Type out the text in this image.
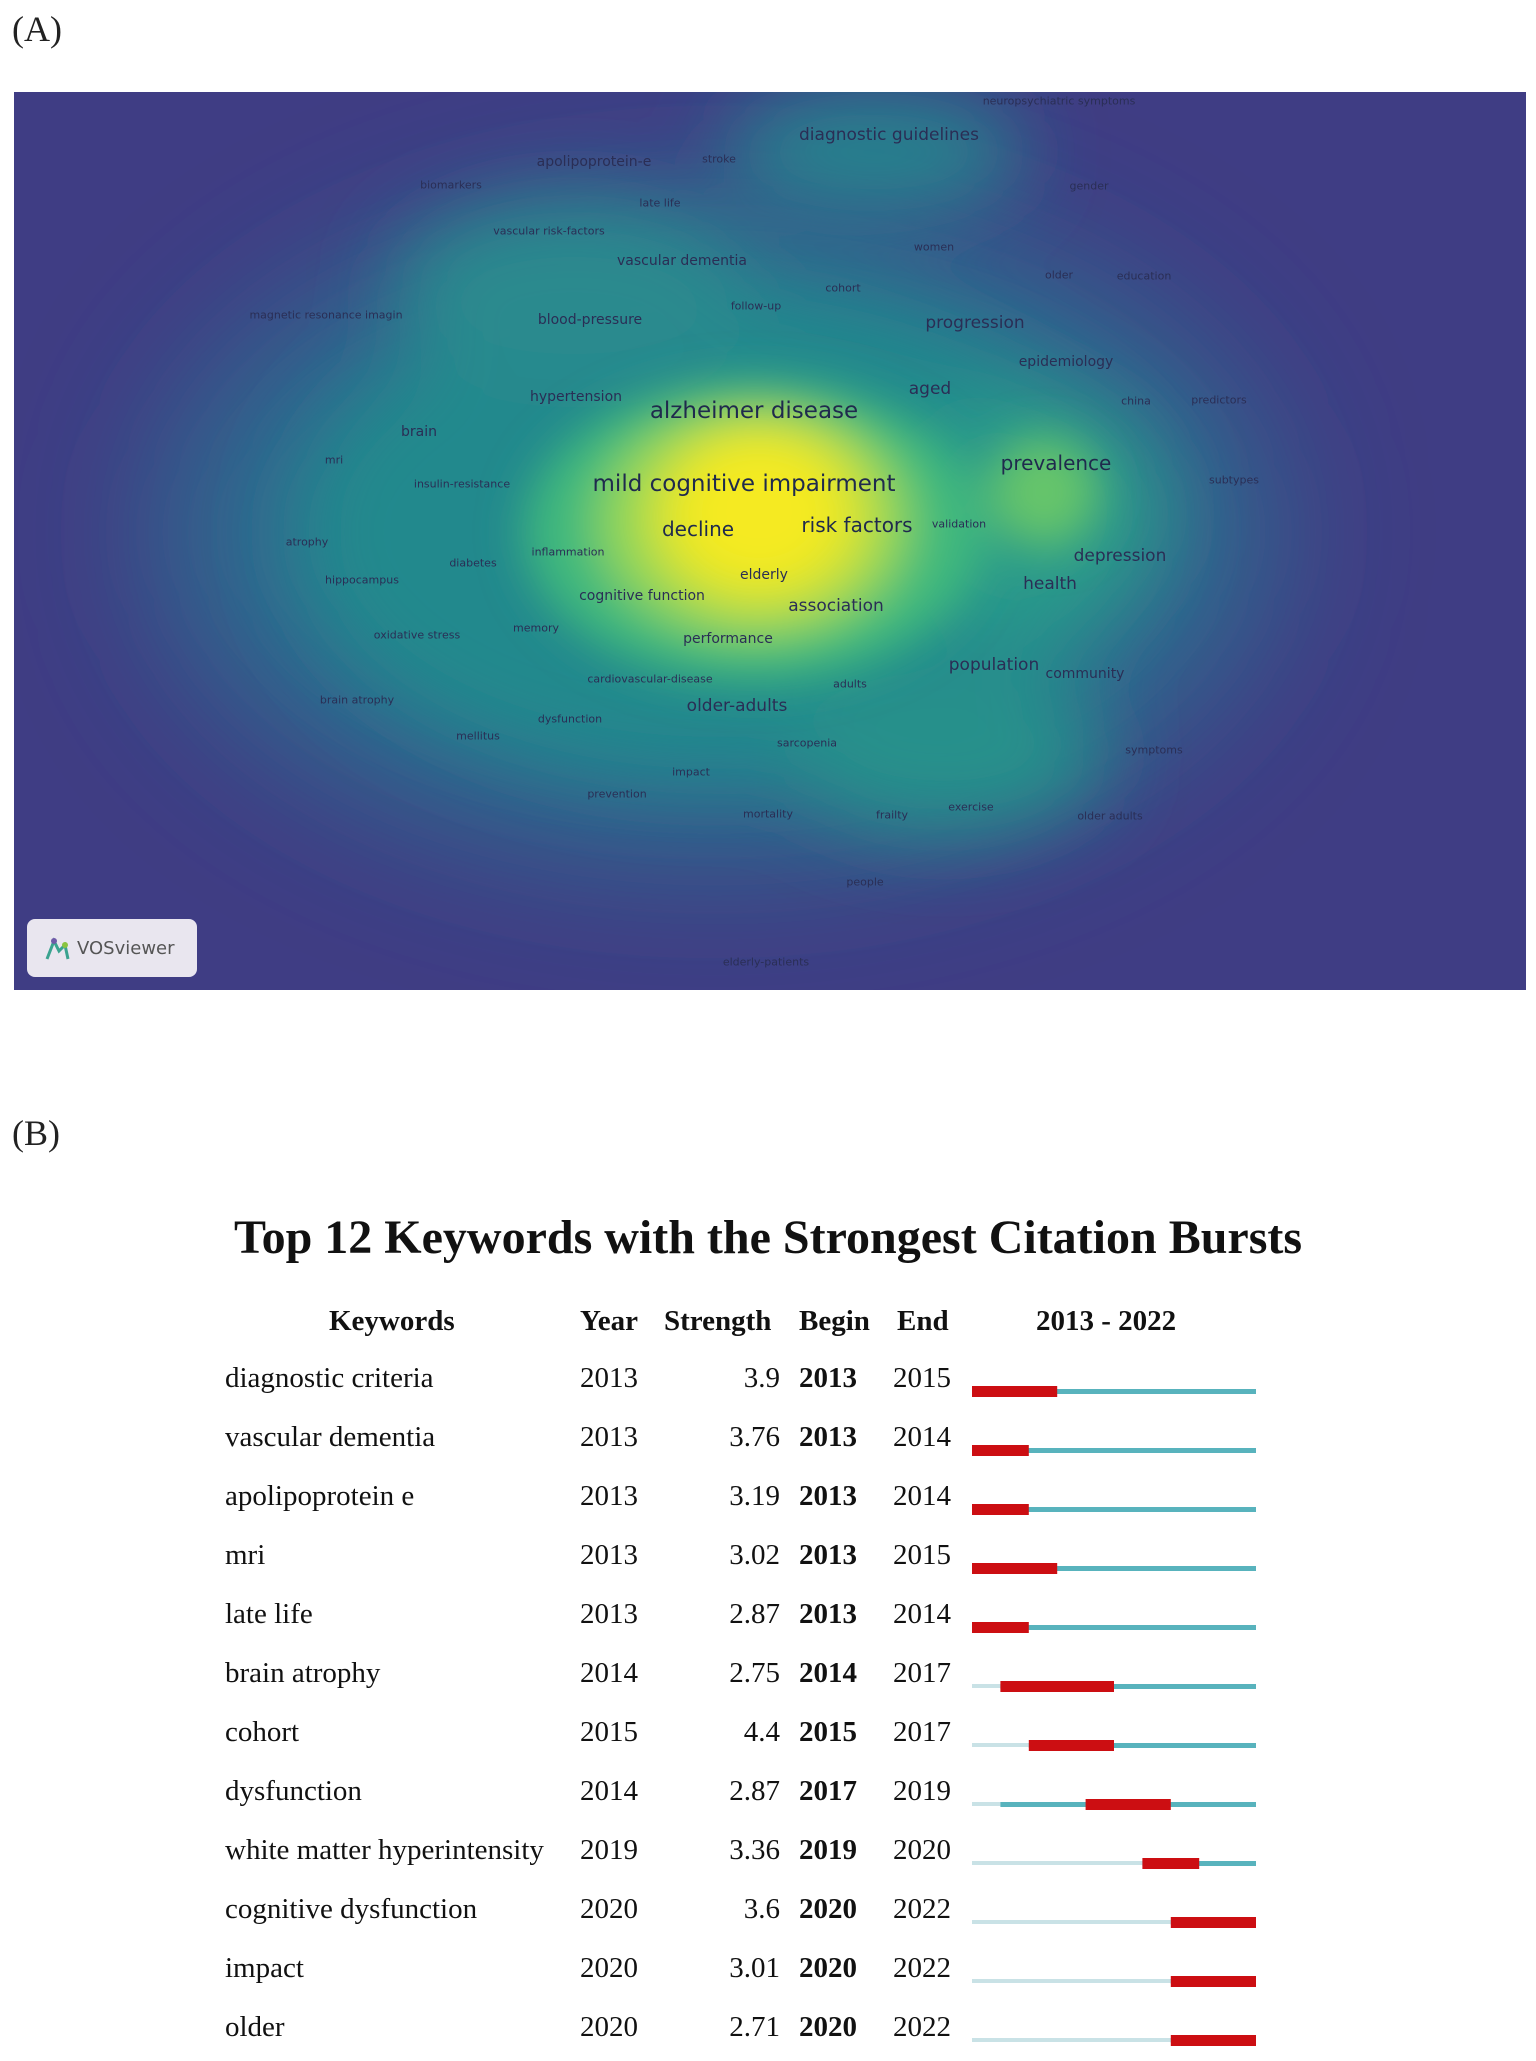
(A)
neuropsychiatric symptoms
diagnostic guidelines
apolipoprotein-e	stroke
biomarkers
late life
gender
vascular risk-factors
women
vascular dementia
older	education
cohort
magnetic resonance imagin
follow-up
blood-pressure	progression
epidemiology
aged
hypertension	china	predictors
alzheimer disease
brain
mri	prevalence
subtypes
insulin-resistance	mild cognitive impairment
risk factors validation
decline
atrophy
inflammation	depression
diabetes
elderly
hippocampus	health
cognitive function	association
memory
oxidative stress	performance
population community
cardiovascular-disease	adults
brain atrophy	older-adults
dysfunction
mellitus
sarcopenia
symptoms
impact
prevention
exercise
mortality	frailty	older adults
people
elderly-patients
VOSviewer
(B)
Top 12 Keywords with the Strongest Citation Bursts
Keywords	Year Strength Begin End	2013 - 2022
diagnostic criteria	2013	3.9 2013 2015
vascular dementia	2013	3.76 2013 2014
apolipoprotein e	2013	3.19 2013 2014
mri	2013	3.02 2013 2015
late life	2013	2.87 2013 2014
brain atrophy	2014	2.75 2014 2017
cohort	2015	4.4 2015 2017
dysfunction	2014	2.87 2017 2019
white matter hyperintensity 2019	3.36 2019 2020
cognitive dysfunction	2020	3.6 2020 2022
impact	2020	3.01 2020 2022
older	2020	2.71 2020 2022
